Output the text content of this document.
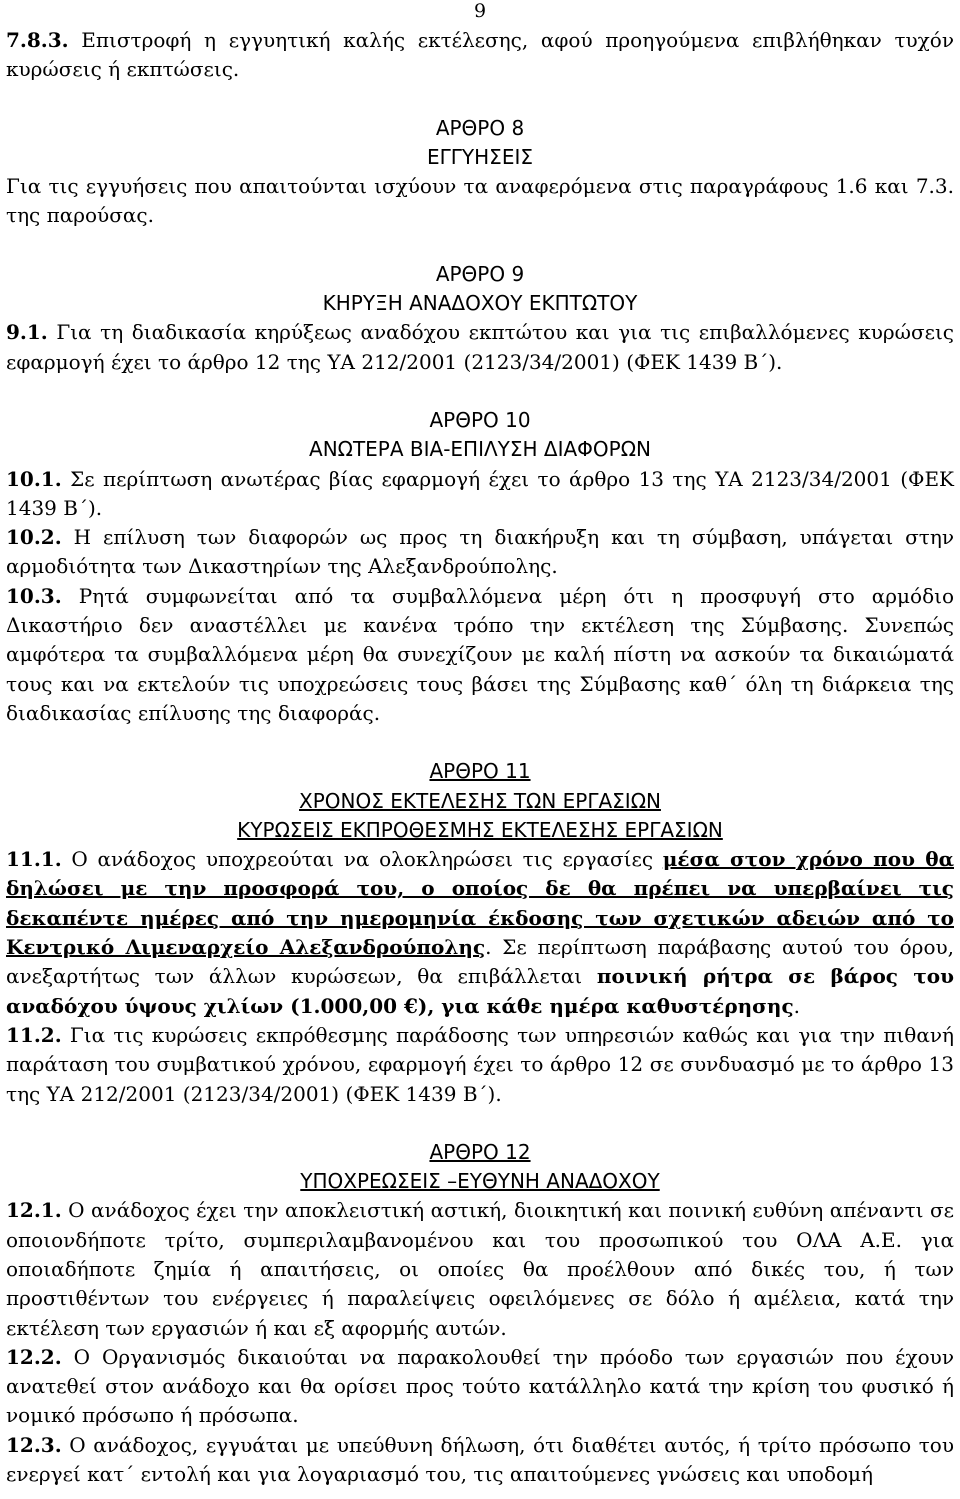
9

7.8.3. Επιστροφή η εγγυητική καλής εκτέλεσης, αφού προηγούμενα επιβλήθηκαν τυχόν κυρώσεις ή εκπτώσεις.

ΑΡΘΡΟ 8

ΕΓΓΥΗΣΕΙΣ

Για τις εγγυήσεις που απαιτούνται ισχύουν τα αναφερόμενα στις παραγράφους 1.6 και 7.3. της παρούσας.

ΑΡΘΡΟ 9

ΚΗΡΥΞΗ ΑΝΑΔΟΧΟΥ ΕΚΠΤΩΤΟΥ

9.1. Για τη διαδικασία κηρύξεως αναδόχου εκπτώτου και για τις επιβαλλόμενες κυρώσεις εφαρμογή έχει το άρθρο 12 της ΥΑ 212/2001 (2123/34/2001) (ΦΕΚ 1439 Β΄).

ΑΡΘΡΟ 10

ΑΝΩΤΕΡΑ ΒΙΑ-ΕΠΙΛΥΣΗ ΔΙΑΦΟΡΩΝ

10.1. Σε περίπτωση ανωτέρας βίας εφαρμογή έχει το άρθρο 13 της ΥΑ 2123/34/2001 (ΦΕΚ 1439 Β΄).

10.2. Η επίλυση των διαφορών ως προς τη διακήρυξη και τη σύμβαση, υπάγεται στην αρμοδιότητα των Δικαστηρίων της Αλεξανδρούπολης.

10.3. Ρητά συμφωνείται από τα συμβαλλόμενα μέρη ότι η προσφυγή στο αρμόδιο Δικαστήριο δεν αναστέλλει με κανένα τρόπο την εκτέλεση της Σύμβασης. Συνεπώς αμφότερα τα συμβαλλόμενα μέρη θα συνεχίζουν με καλή πίστη να ασκούν τα δικαιώματά τους και να εκτελούν τις υποχρεώσεις τους βάσει της Σύμβασης καθ΄ όλη τη διάρκεια της διαδικασίας επίλυσης της διαφοράς.

ΑΡΘΡΟ 11

ΧΡΟΝΟΣ ΕΚΤΕΛΕΣΗΣ ΤΩΝ ΕΡΓΑΣΙΩΝ

ΚΥΡΩΣΕΙΣ ΕΚΠΡΟΘΕΣΜΗΣ ΕΚΤΕΛΕΣΗΣ ΕΡΓΑΣΙΩΝ

11.1. Ο ανάδοχος υποχρεούται να ολοκληρώσει τις εργασίες μέσα στον χρόνο που θα δηλώσει με την προσφορά του, ο οποίος δε θα πρέπει να υπερβαίνει τις δεκαπέντε ημέρες από την ημερομηνία έκδοσης των σχετικών αδειών από το Κεντρικό Λιμεναρχείο Αλεξανδρούπολης. Σε περίπτωση παράβασης αυτού του όρου, ανεξαρτήτως των άλλων κυρώσεων, θα επιβάλλεται ποινική ρήτρα σε βάρος του αναδόχου ύψους χιλίων (1.000,00 €), για κάθε ημέρα καθυστέρησης.

11.2. Για τις κυρώσεις εκπρόθεσμης παράδοσης των υπηρεσιών καθώς και για την πιθανή παράταση του συμβατικού χρόνου, εφαρμογή έχει το άρθρο 12 σε συνδυασμό με το άρθρο 13 της ΥΑ 212/2001 (2123/34/2001) (ΦΕΚ 1439 Β΄).

ΑΡΘΡΟ 12

ΥΠΟΧΡΕΩΣΕΙΣ –ΕΥΘΥΝΗ ΑΝΑΔΟΧΟΥ

12.1. Ο ανάδοχος έχει την αποκλειστική αστική, διοικητική και ποινική ευθύνη απέναντι σε οποιονδήποτε τρίτο, συμπεριλαμβανομένου και του προσωπικού του ΟΛΑ Α.Ε. για οποιαδήποτε ζημία ή απαιτήσεις, οι οποίες θα προέλθουν από δικές του, ή των προστιθέντων του ενέργειες ή παραλείψεις οφειλόμενες σε δόλο ή αμέλεια, κατά την εκτέλεση των εργασιών ή και εξ αφορμής αυτών.

12.2. Ο Οργανισμός δικαιούται να παρακολουθεί την πρόοδο των εργασιών που έχουν ανατεθεί στον ανάδοχο και θα ορίσει προς τούτο κατάλληλο κατά την κρίση του φυσικό ή νομικό πρόσωπο ή πρόσωπα.

12.3. Ο ανάδοχος, εγγυάται με υπεύθυνη δήλωση, ότι διαθέτει αυτός, ή τρίτο πρόσωπο του ενεργεί κατ΄ εντολή και για λογαριασμό του, τις απαιτούμενες γνώσεις και υποδομή
